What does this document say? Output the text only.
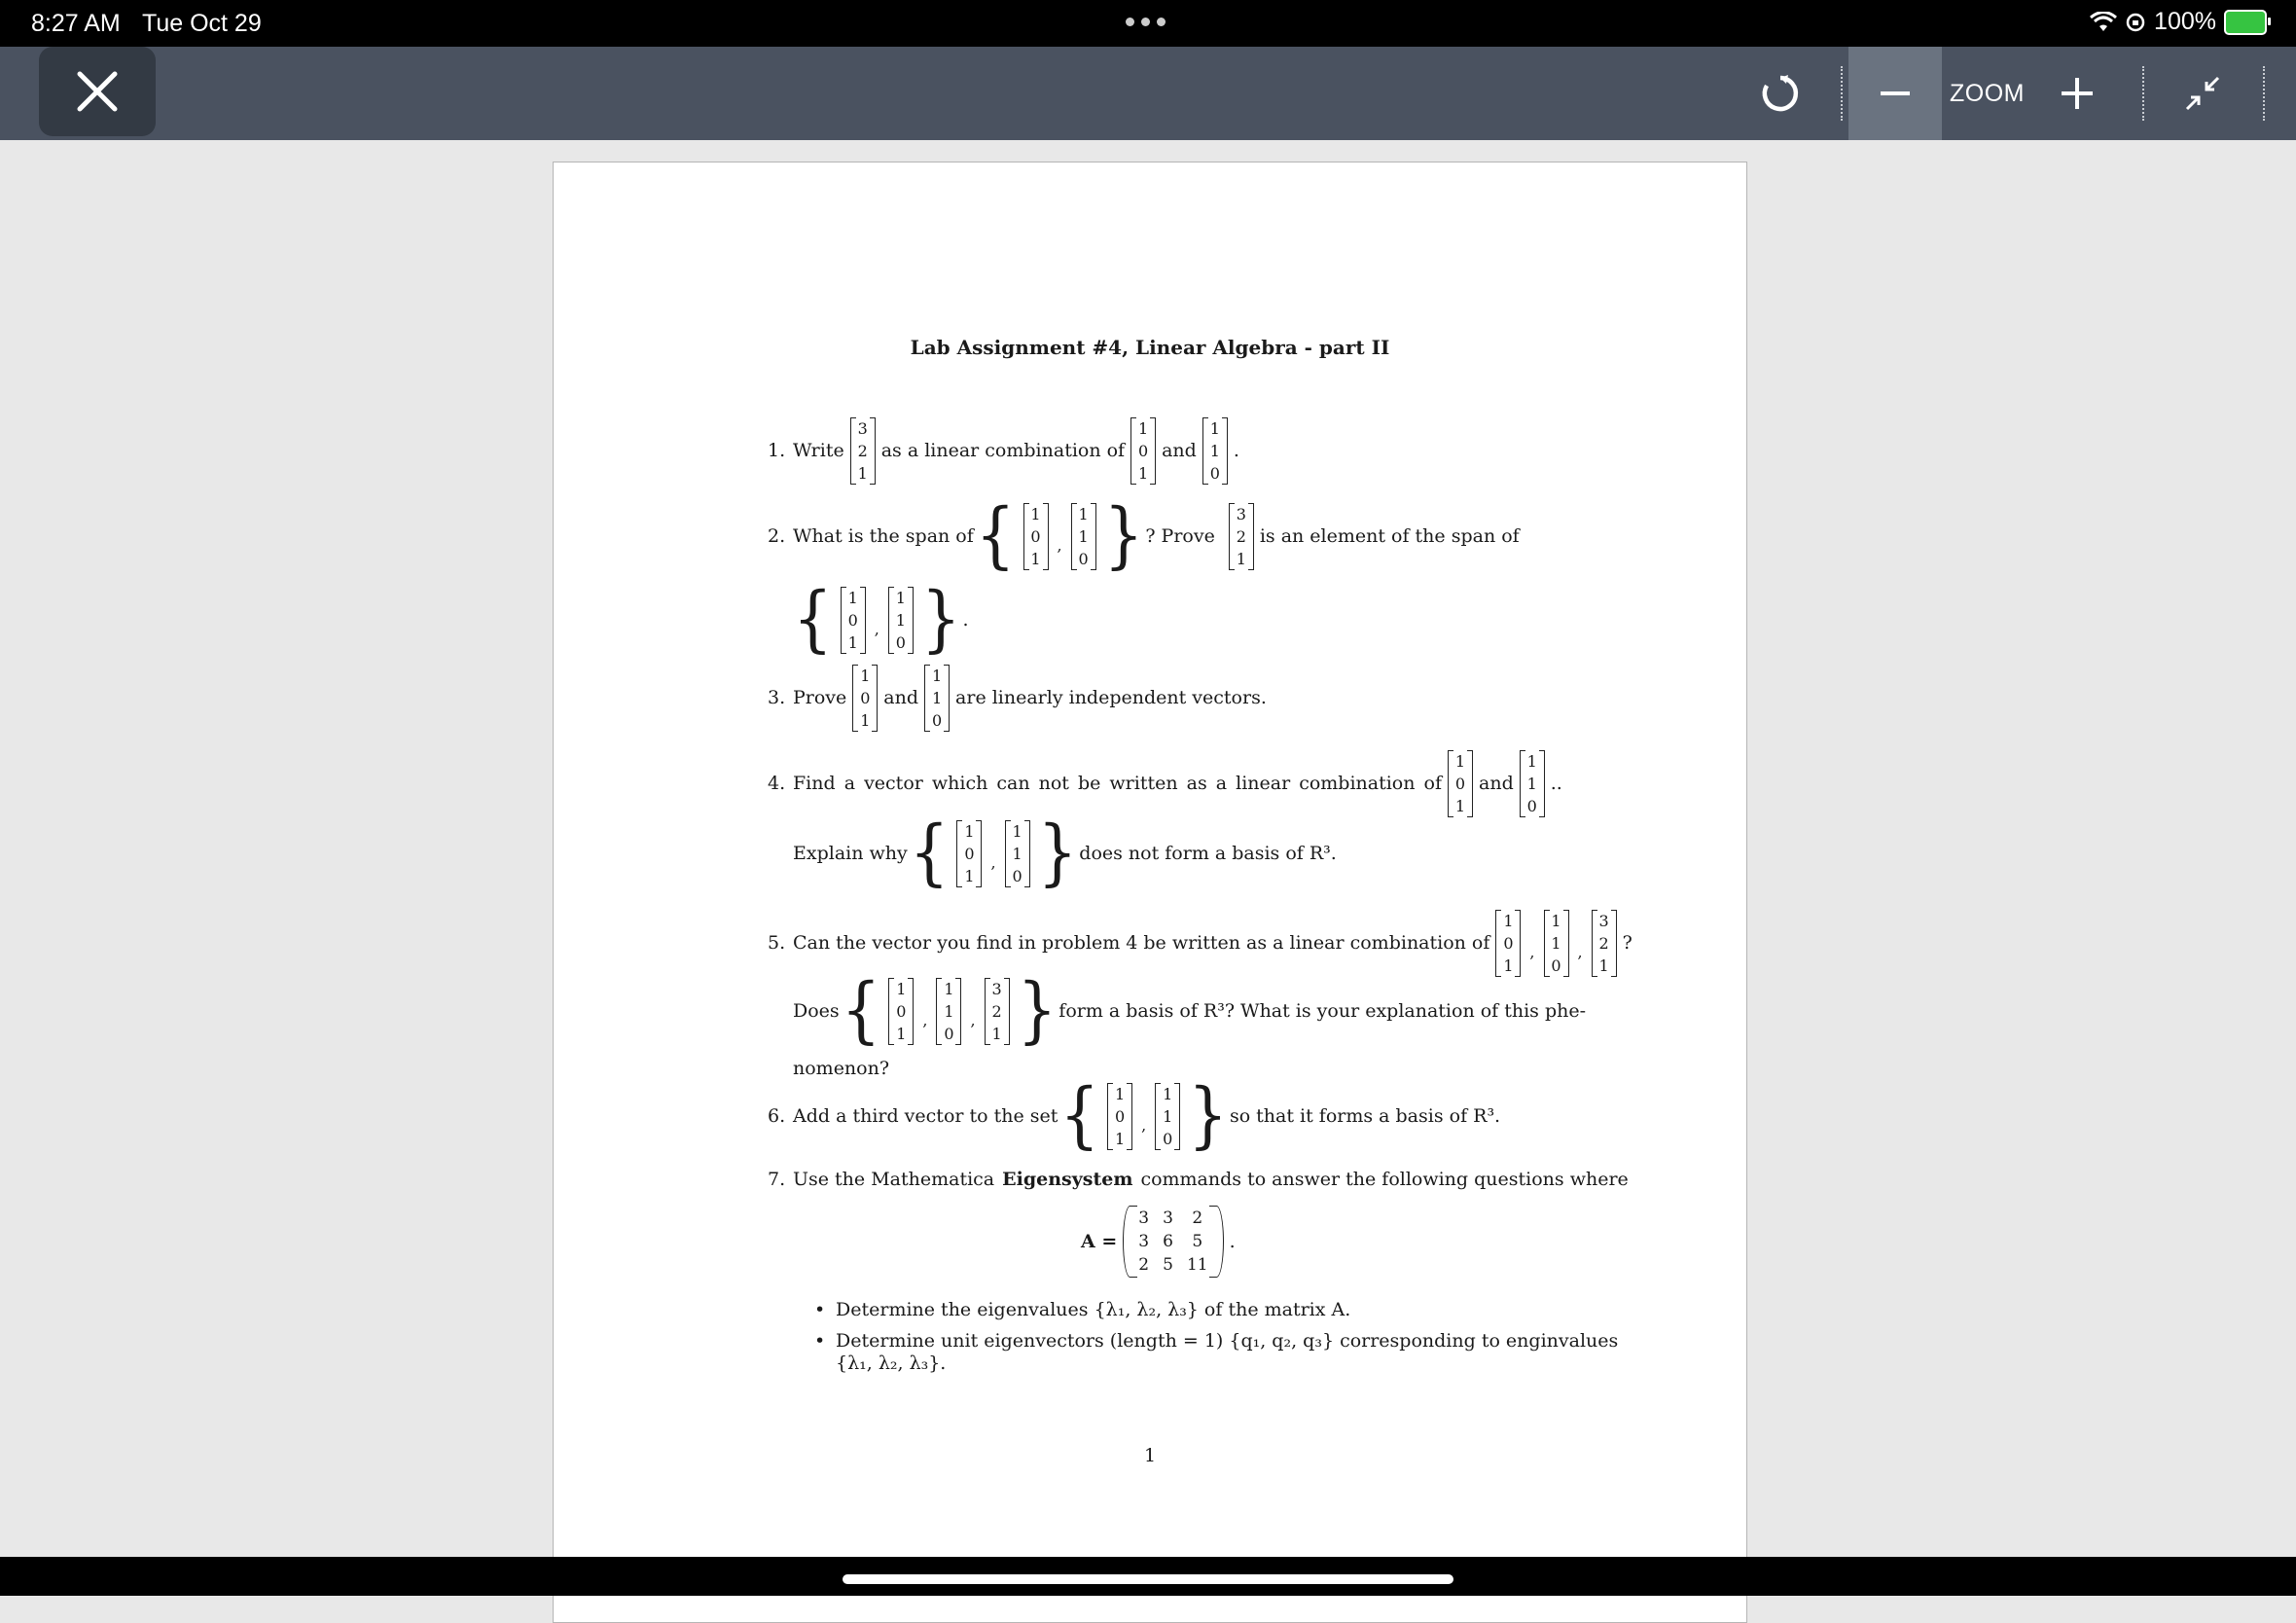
8:27 AM Tue Oct 29	100%
ZOOM
Lab Assignment #4, Linear Algebra - part II
1. Write
3
2
1
as a linear combination of
1
0
1
and
1
1
0
.
2. What is the span of { 1
0
1
,
1
1
0 } ? Prove
3
2
1
is an element of the span of
{ 1
0
1
,
1
1
0 } .
3. Prove
1
0
1
and
1
1
0
are linearly independent vectors.
4. Find a vector which can not be written as a linear combination of
1
0
1
and
1
1
0
..
Explain why { 1
0
1
,
1
1
0 } does not form a basis of R³.
5. Can the vector you find in problem 4 be written as a linear combination of
1
0
1
,
1
1
0
,
3
2
1
?
Does { 1
0
1
,
1
1
0
,
3
2
1 } form a basis of R³? What is your explanation of this phe-
nomenon?
6. Add a third vector to the set { 1
0
1
,
1
1
0 } so that it forms a basis of R³.
7. Use the Mathematica Eigensystem commands to answer the following questions where
A =
3 3	2
3 6	5
2 5 11
.
• Determine the eigenvalues {λ₁, λ₂, λ₃} of the matrix A.
• Determine unit eigenvectors (length = 1) {q₁, q₂, q₃} corresponding to enginvalues
{λ₁, λ₂, λ₃}.
1
